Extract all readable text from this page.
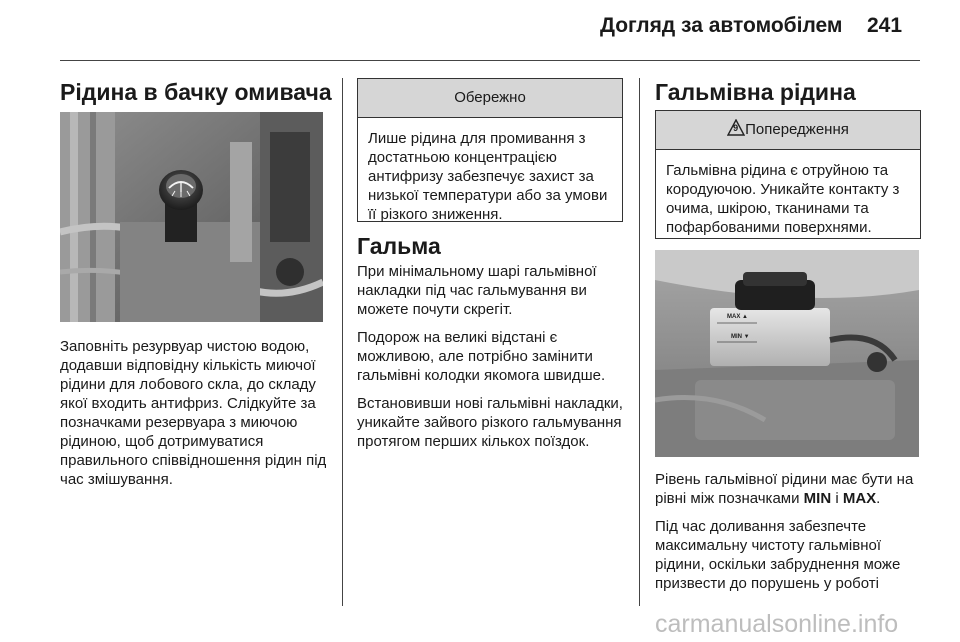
Догляд за автомобілем 241
Рідина в бачку омивача
Заповніть резурвуар чистою водою, додавши відповідну кількість миючої рідини для лобового скла, до складу якої входить антифриз. Слідкуйте за позначками резервуара з миючою рідиною, щоб дотримуватися правильного співвідношення рідин під час змішування.
Обережно
Лише рідина для промивання з достатньою концентрацією антифризу забезпечує захист за низької температури або за умови її різкого зниження.
Гальма

При мінімальному шарі гальмівної накладки під час гальмування ви можете почути скрегіт.

Подорож на великі відстані є можливою, але потрібно замінити гальмівні колодки якомога швидше.

Встановивши нові гальмівні накладки, уникайте зайвого різкого гальмування протягом перших кількох поїздок.

Гальмівна рідина
9 Попередження
Гальмівна рідина є отруйною та кородуючою. Уникайте контакту з очима, шкірою, тканинами та пофарбованими поверхнями.
MAX ▲
MIN ▼

Рівень гальмівної рідини має бути на рівні між позначками MIN і MAX.

Під час доливання забезпечте максимальну чистоту гальмівної рідини, оскільки забруднення може призвести до порушень у роботі

carmanualsonline.info
